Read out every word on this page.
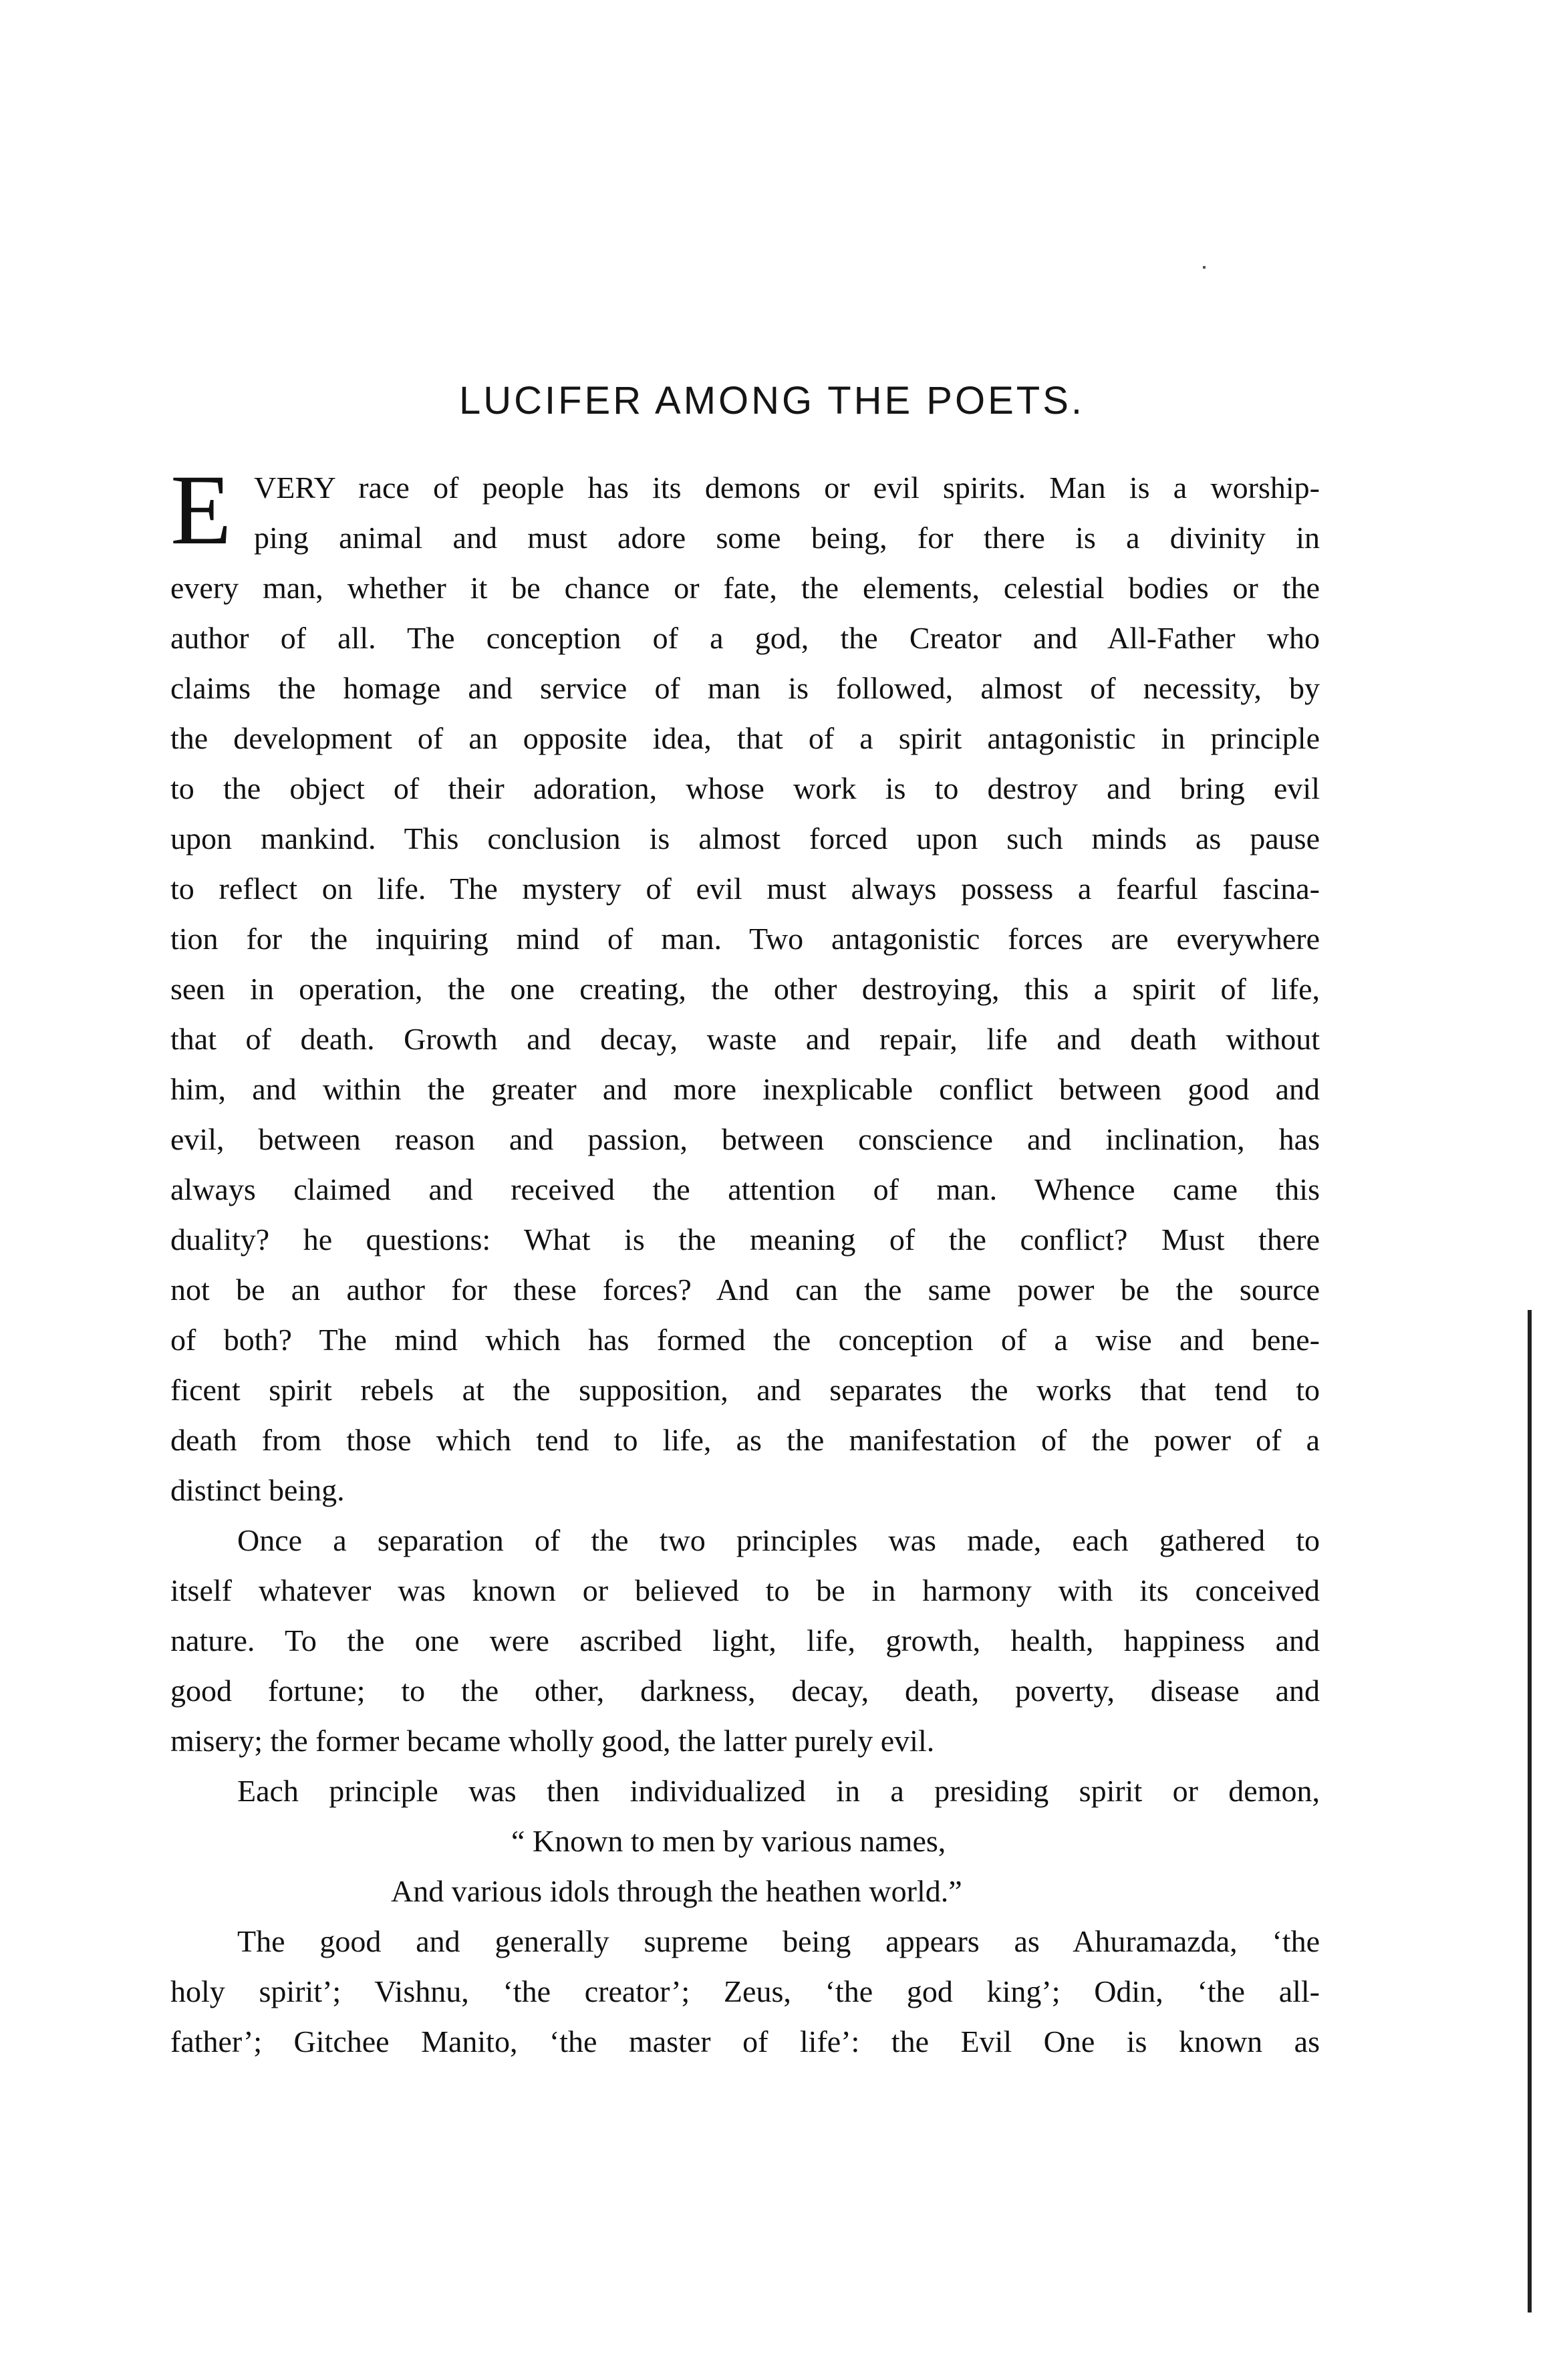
LUCIFER AMONG THE POETS.
E VERY race of people has its demons or evil spirits. Man is a worship-
ping animal and must adore some being, for there is a divinity in
every man, whether it be chance or fate, the elements, celestial bodies or the
author of all. The conception of a god, the Creator and All-Father who
claims the homage and service of man is followed, almost of necessity, by
the development of an opposite idea, that of a spirit antagonistic in principle
to the object of their adoration, whose work is to destroy and bring evil
upon mankind. This conclusion is almost forced upon such minds as pause
to reflect on life. The mystery of evil must always possess a fearful fascina-
tion for the inquiring mind of man. Two antagonistic forces are everywhere
seen in operation, the one creating, the other destroying, this a spirit of life,
that of death. Growth and decay, waste and repair, life and death without
him, and within the greater and more inexplicable conflict between good and
evil, between reason and passion, between conscience and inclination, has
always claimed and received the attention of man. Whence came this
duality? he questions: What is the meaning of the conflict? Must there
not be an author for these forces? And can the same power be the source
of both? The mind which has formed the conception of a wise and bene-
ficent spirit rebels at the supposition, and separates the works that tend to
death from those which tend to life, as the manifestation of the power of a
distinct being.
Once a separation of the two principles was made, each gathered to
itself whatever was known or believed to be in harmony with its conceived
nature. To the one were ascribed light, life, growth, health, happiness and
good fortune; to the other, darkness, decay, death, poverty, disease and
misery; the former became wholly good, the latter purely evil.
Each principle was then individualized in a presiding spirit or demon,
“ Known to men by various names,
And various idols through the heathen world.”
The good and generally supreme being appears as Ahuramazda, ‘the
holy spirit’; Vishnu, ‘the creator’; Zeus, ‘the god king’; Odin, ‘the all-
father’; Gitchee Manito, ‘the master of life’: the Evil One is known as
